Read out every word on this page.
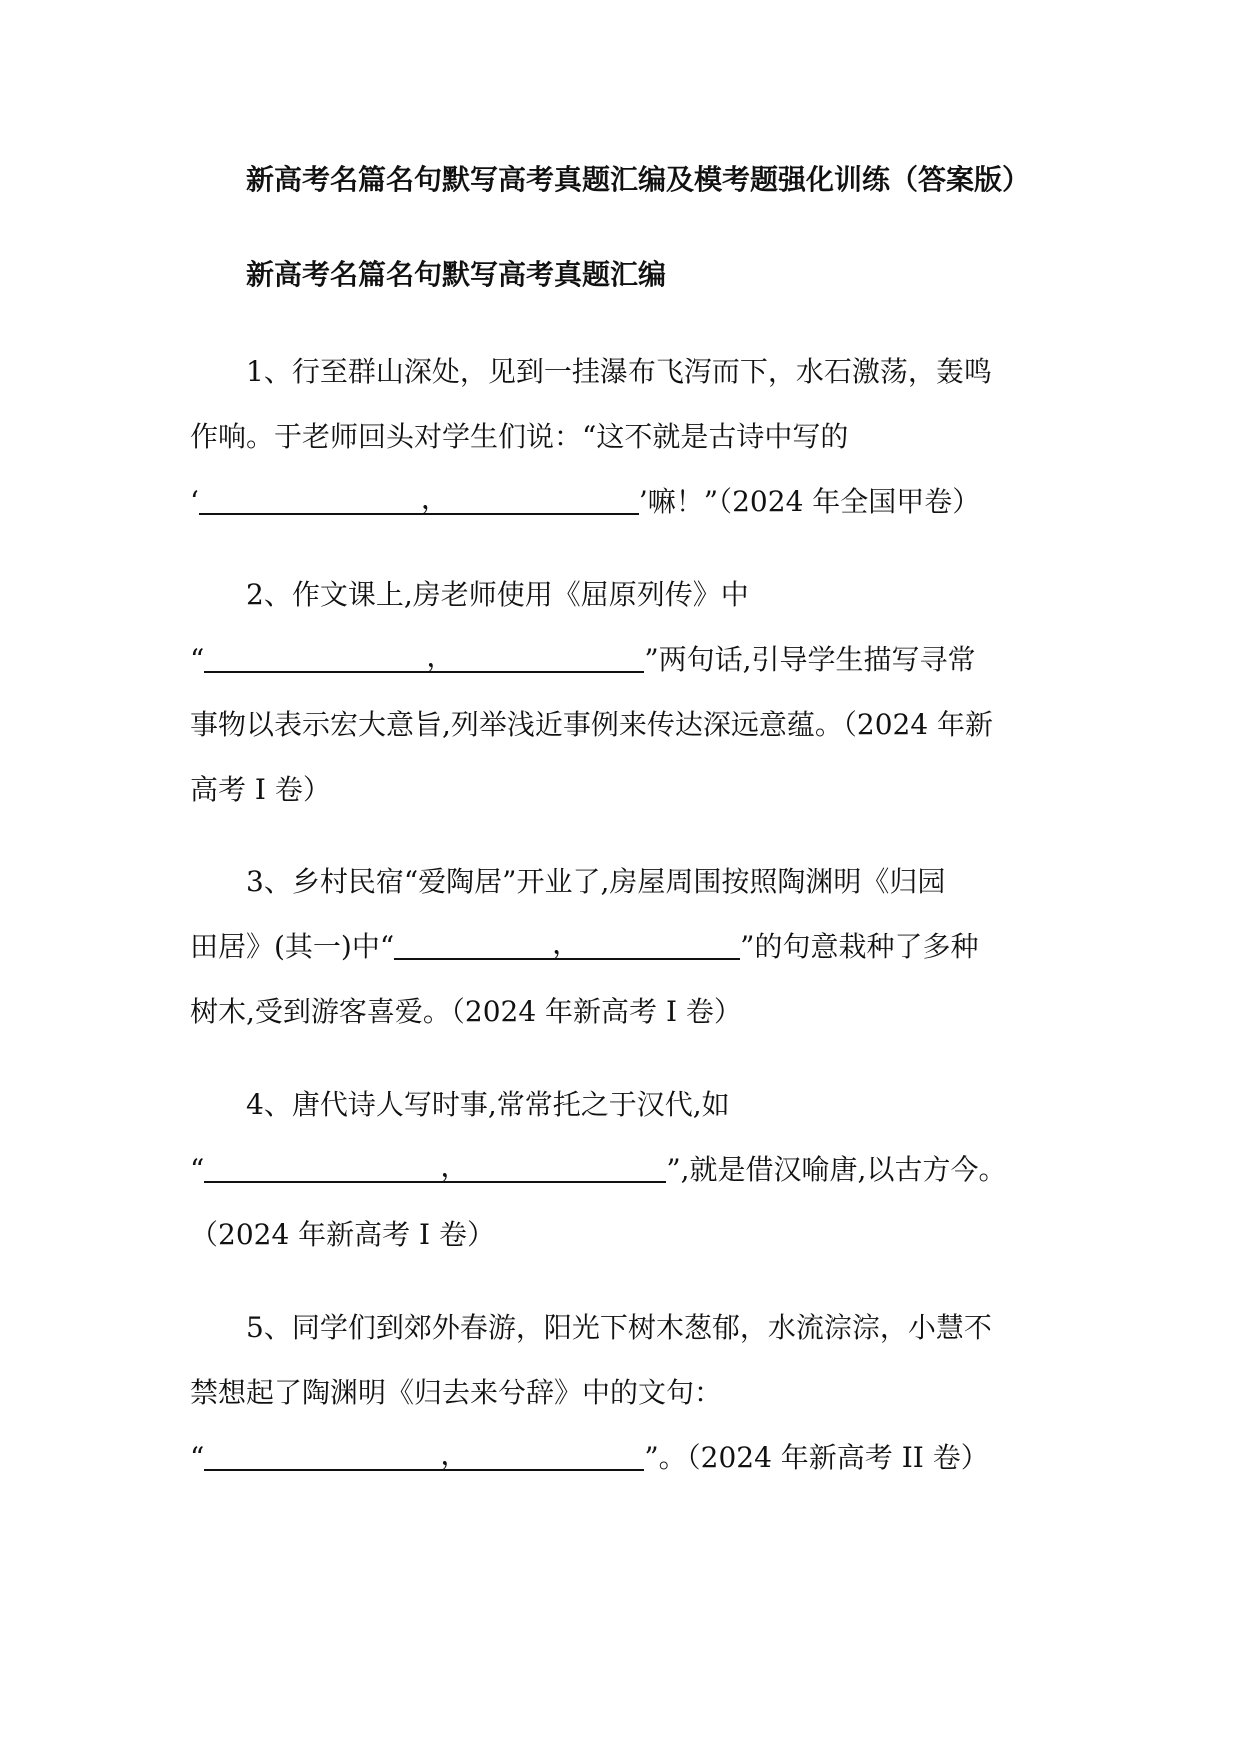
新高考名篇名句默写高考真题汇编及模考题强化训练（答案版）
新高考名篇名句默写高考真题汇编
1、行至群山深处，见到一挂瀑布飞泻而下，水石激荡，轰鸣
作响。于老师回头对学生们说：“这不就是古诗中写的
‘	，	’嘛！”（2024 年全国甲卷）
2、作文课上,房老师使用《屈原列传》中
“	，	”两句话,引导学生描写寻常
事物以表示宏大意旨,列举浅近事例来传达深远意蕴。（2024 年新
高考 I 卷）
3、乡村民宿“爱陶居”开业了,房屋周围按照陶渊明《归园
田居》(其一)中“	，	”的句意栽种了多种
树木,受到游客喜爱。（2024 年新高考 I 卷）
4、唐代诗人写时事,常常托之于汉代,如
“	，	”,就是借汉喻唐,以古方今。
（2024 年新高考 I 卷）
5、同学们到郊外春游，阳光下树木葱郁，水流淙淙，小慧不
禁想起了陶渊明《归去来兮辞》中的文句：
“	，	”。（2024 年新高考 II 卷）
